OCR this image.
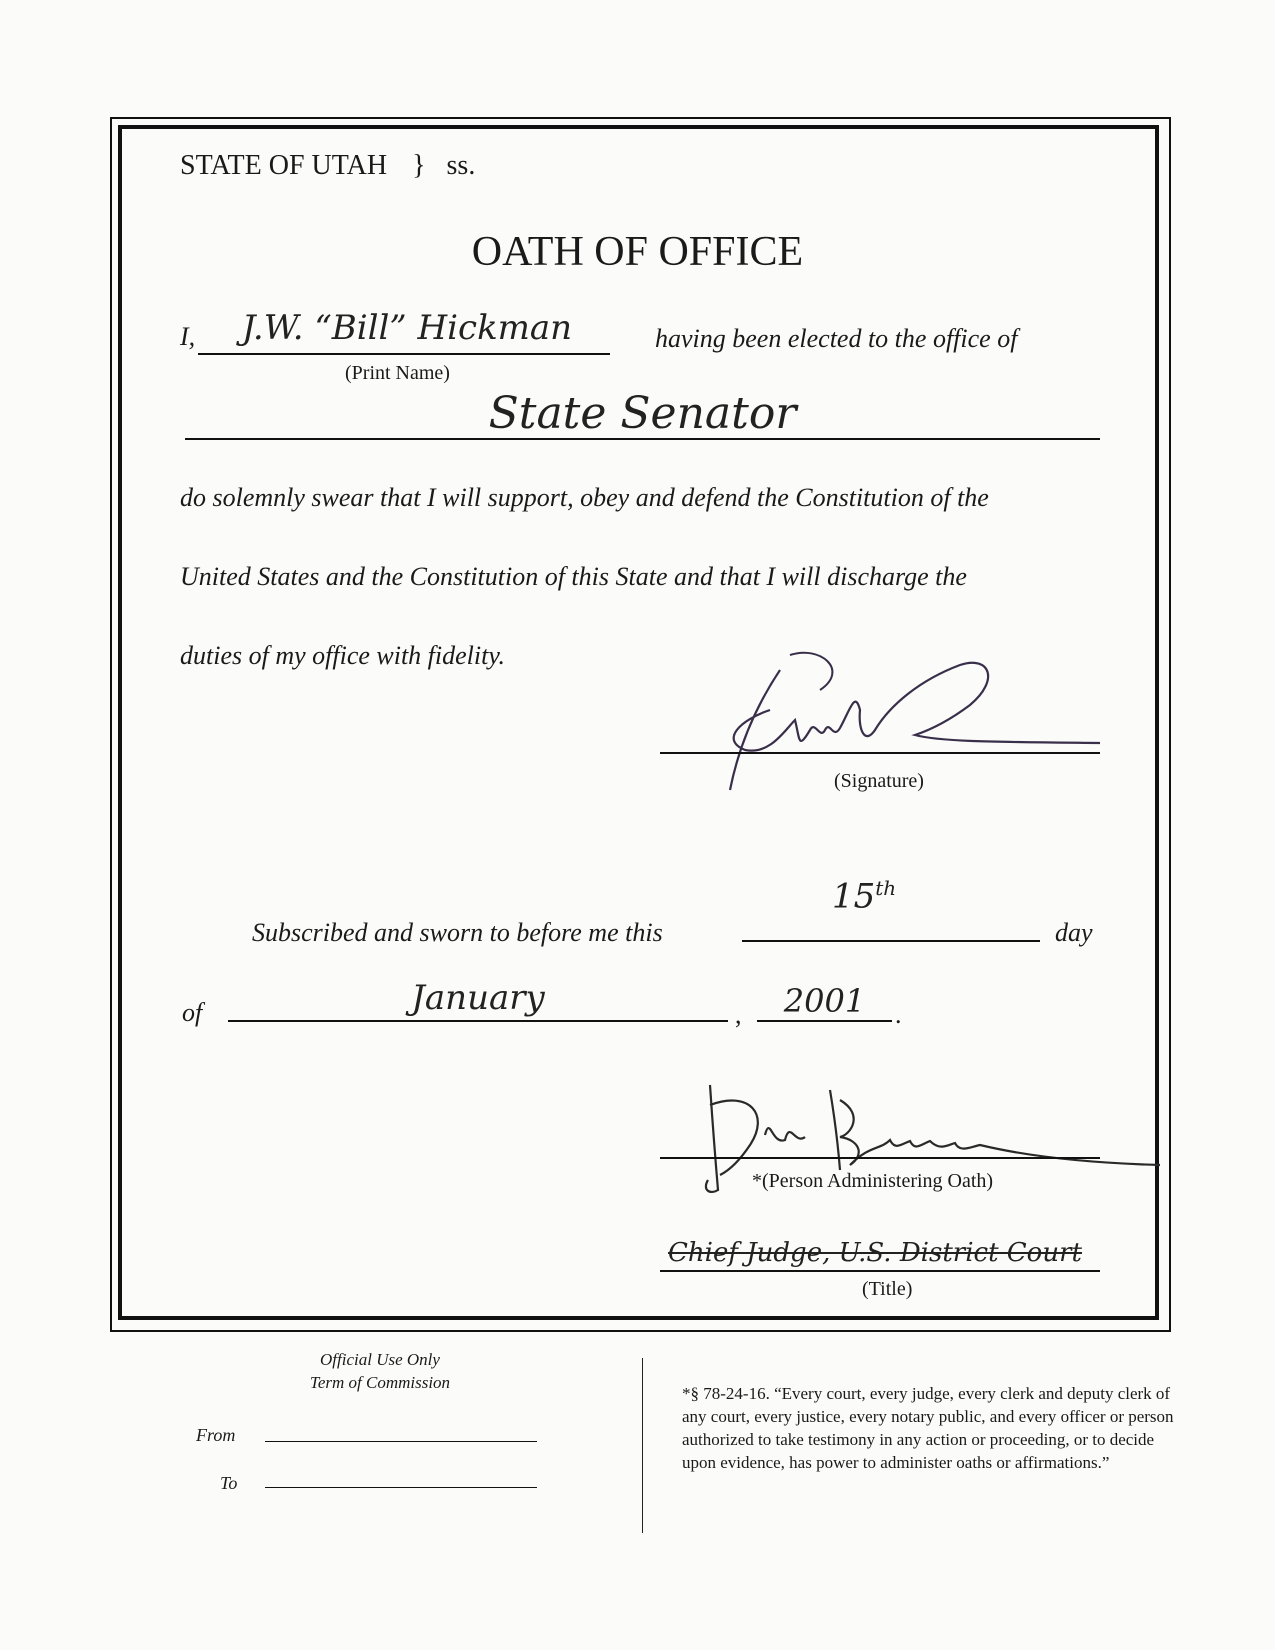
STATE OF UTAH } ss.
OATH OF OFFICE
I,	J.W. “Bill” Hickman	having been elected to the office of
(Print Name)
State Senator
do solemnly swear that I will support, obey and defend the Constitution of the
United States and the Constitution of this State and that I will discharge the
duties of my office with fidelity.
(Signature)
Subscribed and sworn to before me this
15th
day
of	January	,	2001	.
*(Person Administering Oath)
Chief Judge, U.S. District Court
(Title)
Official Use Only
Term of Commission
From
To
*§ 78-24-16. “Every court, every judge, every clerk and deputy clerk of any court, every justice, every notary public, and every officer or person authorized to take testimony in any action or proceeding, or to decide upon evidence, has power to administer oaths or affirmations.”
